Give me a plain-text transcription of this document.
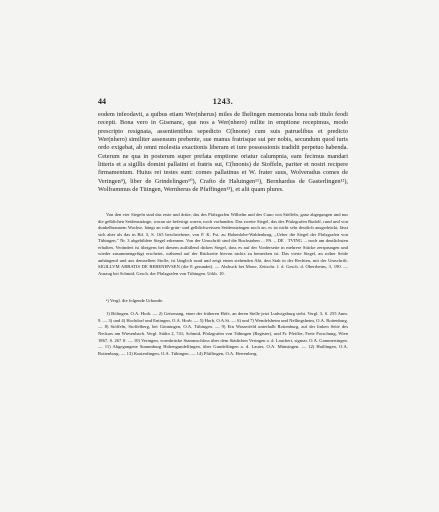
44	1243.

eodem infeodavit, a quibus etiam Wer(nherus) miles de Ihelingen memorata bona sub titulo feodi recepit. Bona vero in Gisenanc, que nos a Wer(nhero) milite in emptione recepimus, modo prescripto resignata, assentientibus sepedicto C(hnone) cum suis patruelibus et predicto Wer(nhero) similiter assensum prebente, sue manus fratrisque sui per nobis, secundum quod iuris ordo exigebat, ab omni molestia exactionis liberam et iure possessionis tradidit perpetuo habenda. Ceterum ne qua in posterum super prefata emptione oriatur calumpnia, eam fecimus mandari litteris et a sigillis domini pallatini et fratris sui, C(hnonis) de Stoffeln, pariter et nostri recipere firmamentum. Huius rei testes sunt: comes pallatinus et W. frater suus, Wolveradus comes de Veringen⁹), liber de Grindelingen¹⁰), Crafto de Haluingen¹¹), Bernhardus de Gasterlingen¹²), Wolframmus de Tüingen, Wernherus de Pfaffingen¹³), et alii quam plures.

Von den vier Siegeln sind das erste und dritte, das des Pfalzgrafen Wilhelm und des Cuno von Stöffeln, ganz abgegangen und nur die gelblichen Seidenstränge, woran sie befestigt waren, noch vorhanden. Das zweite Siegel, das des Pfalzgrafen Rudolf, rund und von dunkelbraunem Wachse, hängt an roth-grün- und gelblichweissen Seidensträngen noch an; es ist nicht sehr deutlich ausgedrückt, lässt sich aber als das in Bd. 3, S. 165 beschriebene, von F. K. Fst. zu Hohenlohe-Waldenburg, „Ueber die Siegel der Pfalzgrafen von Tübingen," Nr. 3 abgebildete Siegel erkennen. Von der Umschrift sind die Buchstaben ... PA ... DE . TVING ... noch am deutlichsten erhalten. Verändert ist übrigens bei diesem auffallend dicken Siegel, dass es auf der Vorderseite in mehrere Stücke zersprungen und wieder zusammengefügt erscheint, während auf der Rückseite hievon nichts zu bemerken ist. Das vierte Siegel, an rother Seide anhängend und aus demselben Stoffe, ist länglich rund und zeigt einen stehenden Abt, den Stab in der Rechten, mit der Umschrift: SIGILLVM ABBATIS DE BEBENHVSEN (die E gerundet). — Abdruck bei Mone, Zeitschr. f. d. Gesch. d. Oberrheins, 3, 190. — Auszug bei Schmid, Gesch. der Pfalzgrafen von Tübingen. Urkb. 10.

ᵃ) Vergl. die folgende Urkunde.

1) Bölingen, O.A. Horb. — 2) Geisenang, einer der früheren Höfe, an deren Stelle jetzt Ludwigsburg steht. Vergl. 3, S. 255 Anm. 9. — 3) und 4) Hochdorf und Entingen, O.A. Horb. — 5) Horb, O.A.St. — 6) und 7) Wendelsheim und Nellingsheim, O.A. Rottenburg. — 8) Stöffeln, Stoffelberg, bei Gönningen, O.A. Tübingen. — 9) Ein Wasserfeld unterhalb Rottenburg, auf der linken Seite des Neckars am Wiesenbach. Vergl. Stälin 2, 741; Schmid, Pfalzgrafen von Tübingen (Register), und Fr. Pfeiffer, Freie Forschung, Wien 1867, S. 267 ff. — 10) Veringen, vormbrücke Stammschloss über dem Städtchen Veringen a. d. Lauchert, sigmar. O.A. Gammertingen. — 11) Abgegangene Stammburg Hohengundelfingen, über Gundelfingen a. d. Lauter, O.A. Münsingen. — 12) Haillingen, O.A. Rottenburg. — 13) Kusterdingen, O.A. Tübingen. — 14) Pfäffingen, O.A. Herrenberg.
